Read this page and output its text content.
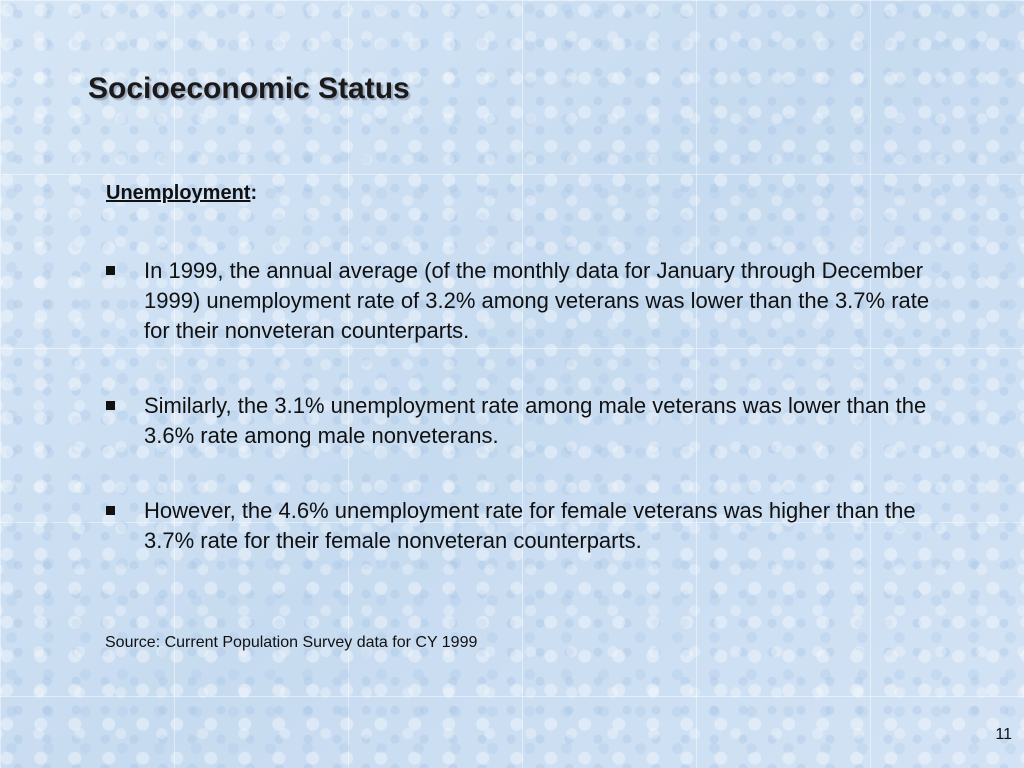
Socioeconomic Status
Unemployment:
In 1999, the annual average (of the monthly data for January through December 1999) unemployment rate of 3.2% among veterans was lower than the 3.7% rate for their nonveteran counterparts.
Similarly, the 3.1% unemployment rate among male veterans was lower than the 3.6% rate among male nonveterans.
However, the 4.6% unemployment rate for female veterans was higher than the 3.7% rate for their female nonveteran counterparts.
Source: Current Population Survey data for CY 1999
11
